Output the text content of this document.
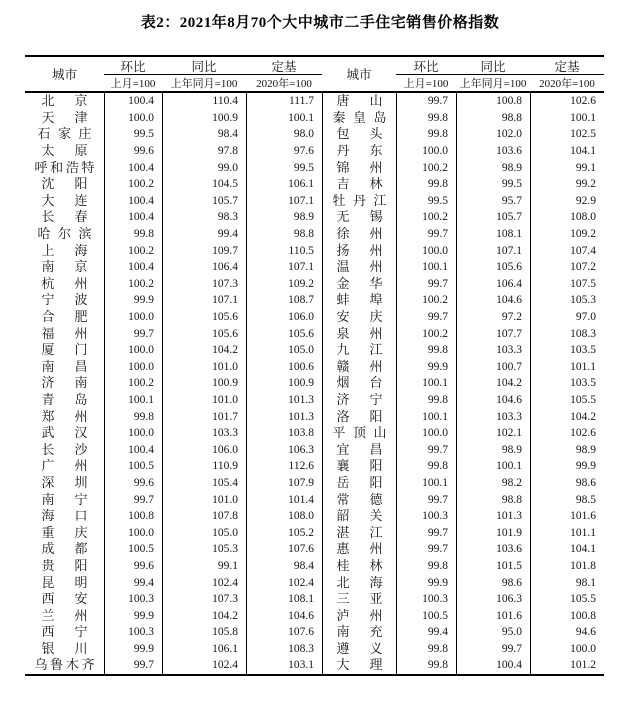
表2：2021年8月70个大中城市二手住宅销售价格指数
城市
环比	同比	定基
城市
环比	同比	定基
上月=100	上年同月=100	2020年=100	上月=100	上年同月=100	2020年=100
北京	100.4	110.4	111.7	唐山	99.7	100.8	102.6
天津	100.0	100.9	100.1	秦皇岛	99.8	98.8	100.1
石家庄	99.5	98.4	98.0	包头	99.8	102.0	102.5
太原	99.6	97.8	97.6	丹东	100.0	103.6	104.1
呼和浩特	100.4	99.0	99.5	锦州	100.2	98.9	99.1
沈阳	100.2	104.5	106.1	吉林	99.8	99.5	99.2
大连	100.4	105.7	107.1	牡丹江	99.5	95.7	92.9
长春	100.4	98.3	98.9	无锡	100.2	105.7	108.0
哈尔滨	99.8	99.4	98.8	徐州	99.7	108.1	109.2
上海	100.2	109.7	110.5	扬州	100.0	107.1	107.4
南京	100.4	106.4	107.1	温州	100.1	105.6	107.2
杭州	100.2	107.3	109.2	金华	99.7	106.4	107.5
宁波	99.9	107.1	108.7	蚌埠	100.2	104.6	105.3
合肥	100.0	105.6	106.0	安庆	99.7	97.2	97.0
福州	99.7	105.6	105.6	泉州	100.2	107.7	108.3
厦门	100.0	104.2	105.0	九江	99.8	103.3	103.5
南昌	100.0	101.0	100.6	赣州	99.9	100.7	101.1
济南	100.2	100.9	100.9	烟台	100.1	104.2	103.5
青岛	100.1	101.0	101.3	济宁	99.8	104.6	105.5
郑州	99.8	101.7	101.3	洛阳	100.1	103.3	104.2
武汉	100.0	103.3	103.8	平顶山	100.0	102.1	102.6
长沙	100.4	106.0	106.3	宜昌	99.7	98.9	98.9
广州	100.5	110.9	112.6	襄阳	99.8	100.1	99.9
深圳	99.6	105.4	107.9	岳阳	100.1	98.2	98.6
南宁	99.7	101.0	101.4	常德	99.7	98.8	98.5
海口	100.8	107.8	108.0	韶关	100.3	101.3	101.6
重庆	100.0	105.0	105.2	湛江	99.7	101.9	101.1
成都	100.5	105.3	107.6	惠州	99.7	103.6	104.1
贵阳	99.6	99.1	98.4	桂林	99.8	101.5	101.8
昆明	99.4	102.4	102.4	北海	99.9	98.6	98.1
西安	100.3	107.3	108.1	三亚	100.3	106.3	105.5
兰州	99.9	104.2	104.6	泸州	100.5	101.6	100.8
西宁	100.3	105.8	107.6	南充	99.4	95.0	94.6
银川	99.9	106.1	108.3	遵义	99.8	99.7	100.0
乌鲁木齐	99.7	102.4	103.1	大理	99.8	100.4	101.2
